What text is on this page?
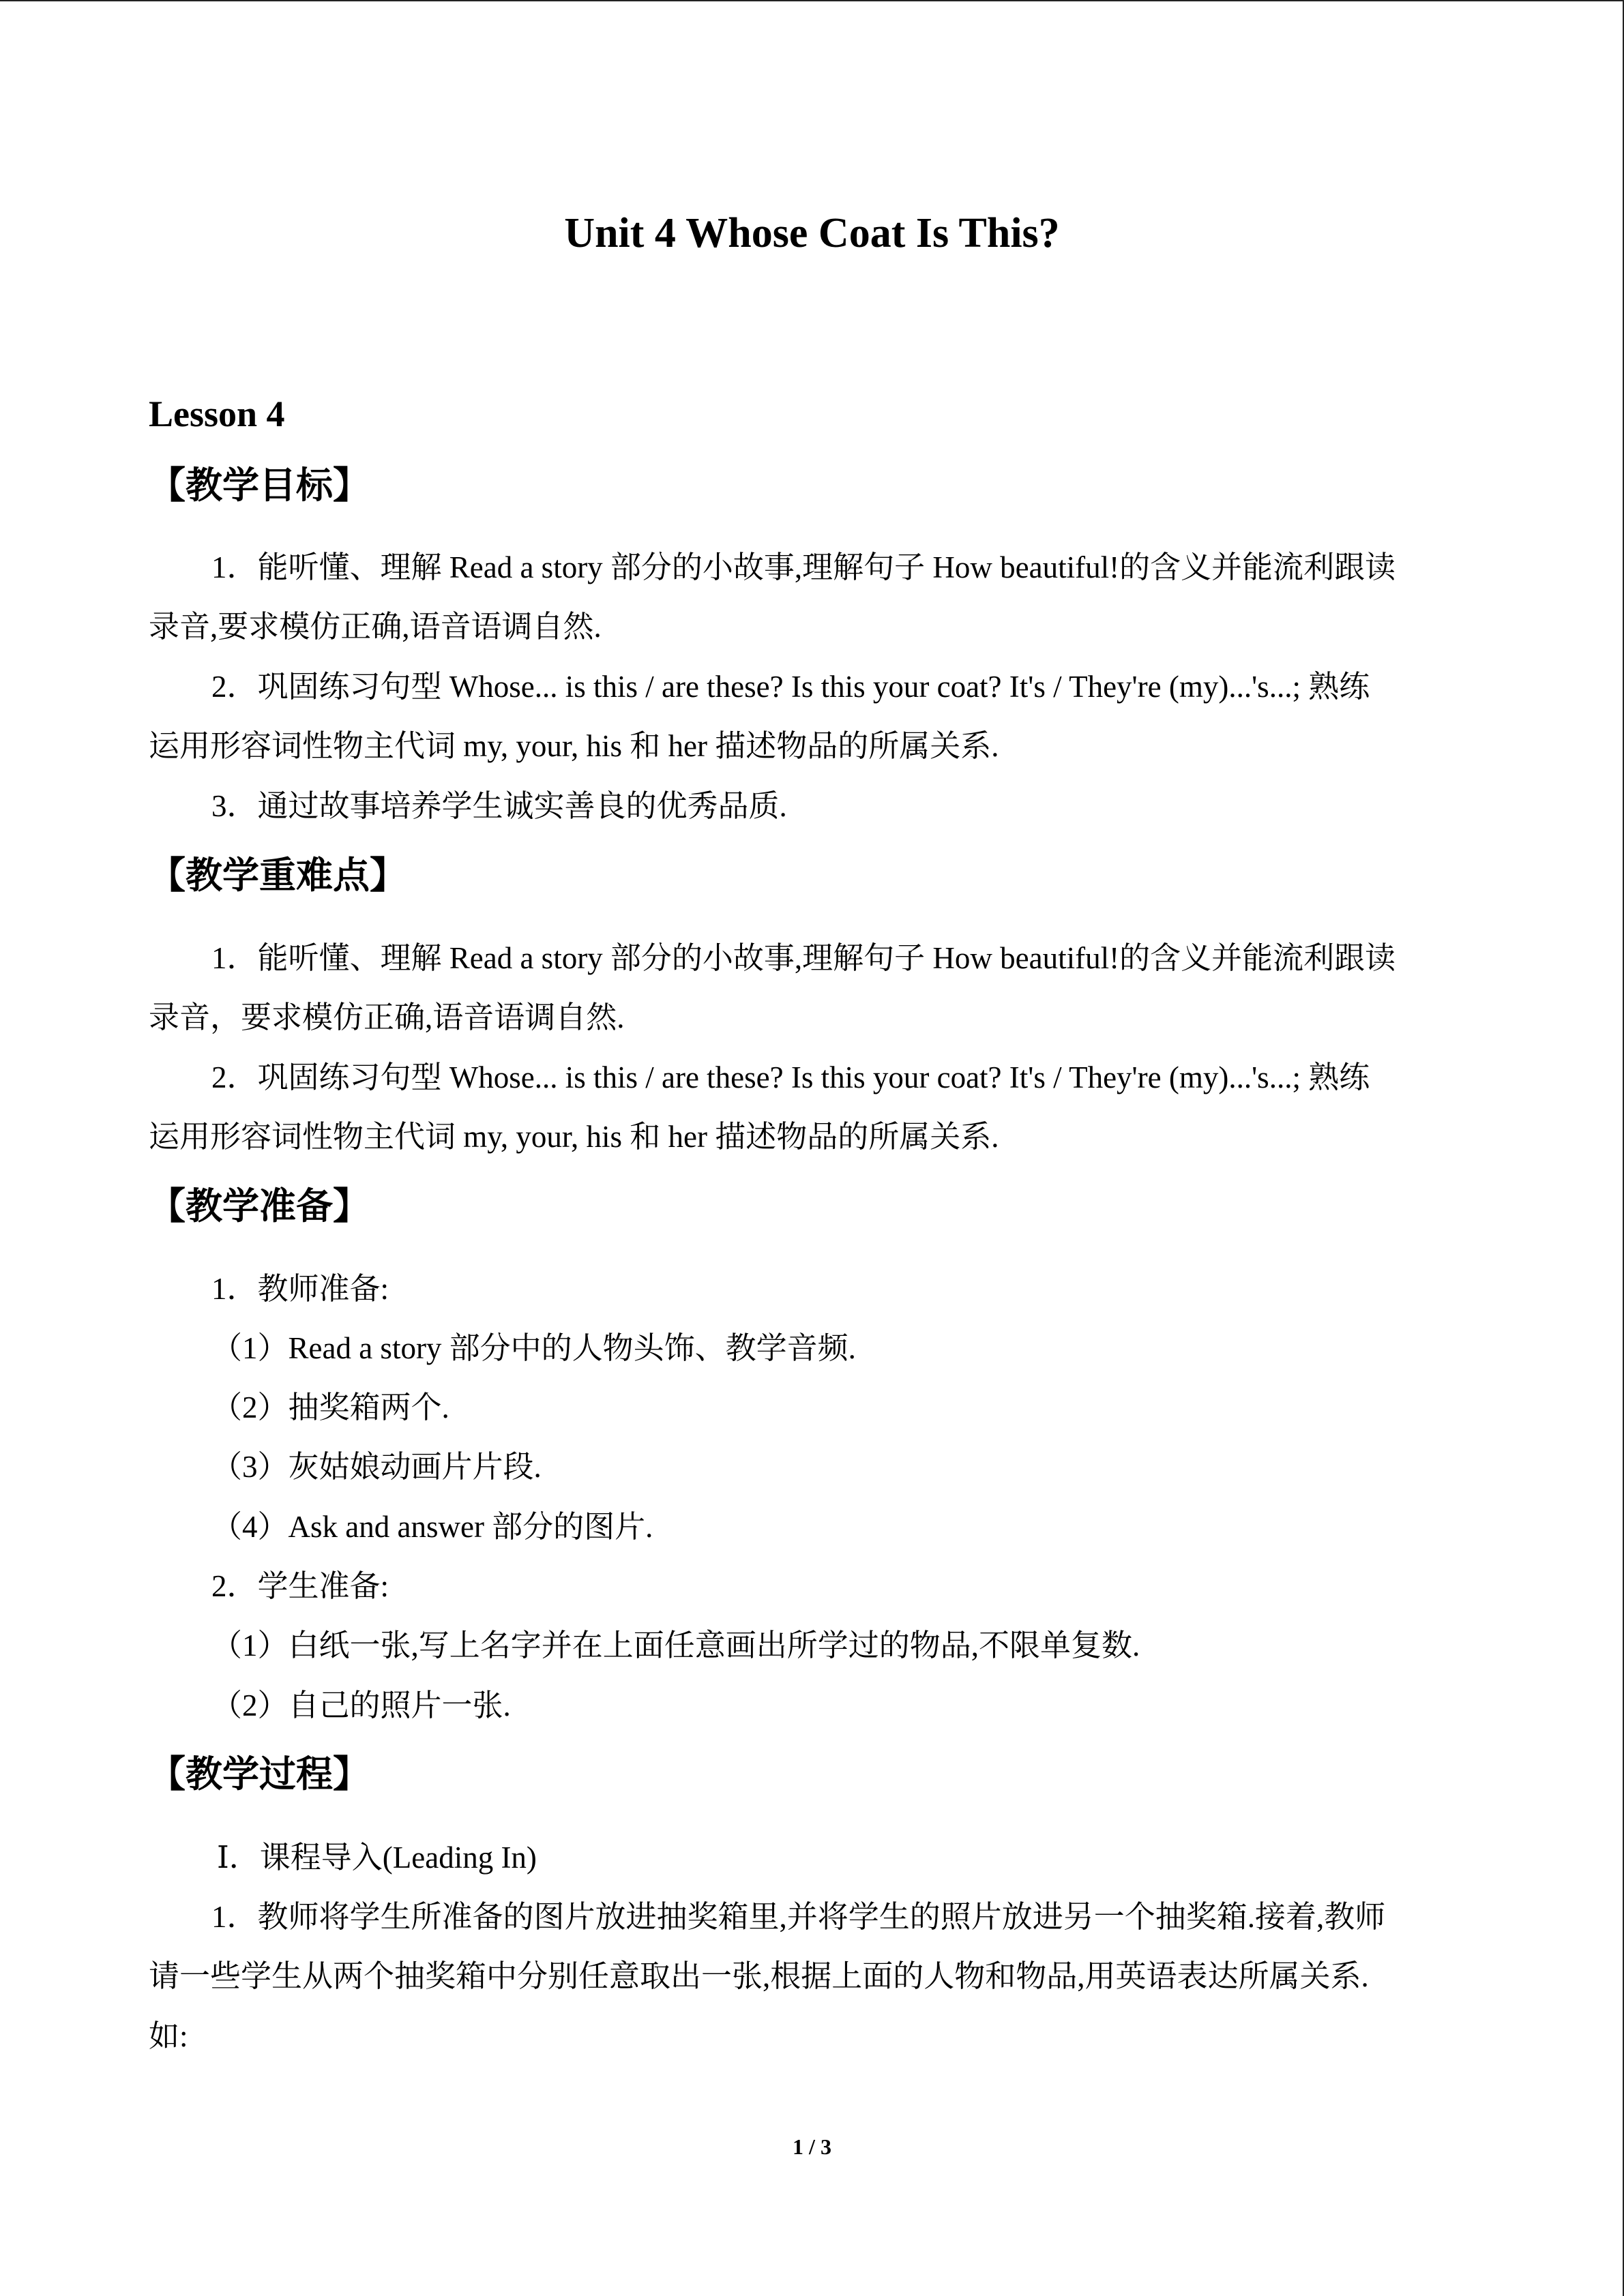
Unit 4 Whose Coat Is This?
Lesson 4
【教学目标】
1．能听懂、理解 Read a story 部分的小故事,理解句子 How beautiful!的含义并能流利跟读
录音,要求模仿正确,语音语调自然.
2．巩固练习句型 Whose... is this / are these? Is this your coat? It's / They're (my)...'s...; 熟练
运用形容词性物主代词 my, your, his 和 her 描述物品的所属关系.
3．通过故事培养学生诚实善良的优秀品质.
【教学重难点】
1．能听懂、理解 Read a story 部分的小故事,理解句子 How beautiful!的含义并能流利跟读
录音，要求模仿正确,语音语调自然.
2．巩固练习句型 Whose... is this / are these? Is this your coat? It's / They're (my)...'s...; 熟练
运用形容词性物主代词 my, your, his 和 her 描述物品的所属关系.
【教学准备】
1．教师准备:
（1）Read a story 部分中的人物头饰、教学音频.
（2）抽奖箱两个.
（3）灰姑娘动画片片段.
（4）Ask and answer 部分的图片.
2．学生准备:
（1）白纸一张,写上名字并在上面任意画出所学过的物品,不限单复数.
（2）自己的照片一张.
【教学过程】
Ⅰ．课程导入(Leading In)
1．教师将学生所准备的图片放进抽奖箱里,并将学生的照片放进另一个抽奖箱.接着,教师
请一些学生从两个抽奖箱中分别任意取出一张,根据上面的人物和物品,用英语表达所属关系.
如:
1 / 3
